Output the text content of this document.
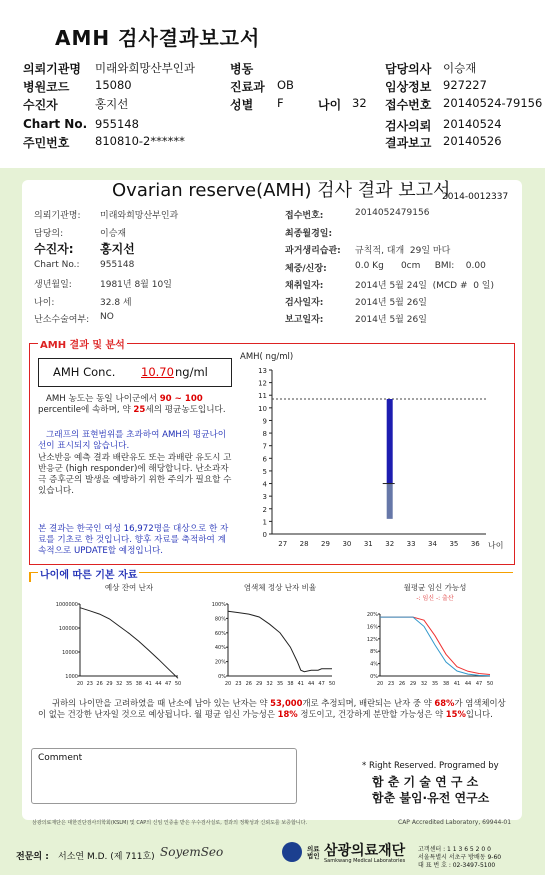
AMH 검사결과보고서
의뢰기관명 미래와희망산부인과	병동	담당의사 이승재
병원코드 15080	진료과 OB	임상정보 927227
수진자	홍지선	성별 F	나이 32 접수번호 20140524-79156
Chart No. 955148	검사의뢰 20140524
주민번호 810810-2******	결과보고 20140526
Ovarian reserve(AMH) 검사 결과 보고서
2014-0012337
의뢰기관명: 미래와희망산부인과
담당의:	이승재
수진자: 홍지선
Chart No.: 955148
생년월일:	1981년 8월 10일
나이:	32.8 세
난소수술여부: NO
접수번호:	2014052479156
최종월경일:
과거생리습관: 규칙적, 대개  29일 마다
체중/신장:	0.0 Kg      0cm     BMI:    0.00
채취일자:	2014년 5월 24일  (MCD #  0 일)
검사일자:	2014년 5월 26일
보고일자:	2014년 5월 26일
AMH 결과 및 분석
AMH Conc. 10.70 ng/ml
AMH 농도는 동일 나이군에서 90 ~ 100 percentile에 속하며, 약 25세의 평균농도입니다.
그래프의 표현범위를 초과하여 AMH의 평균나이선이 표시되지 않습니다.
난소반응 예측 결과 배란유도 또는 과배란 유도시 고반응군 (high responder)에 해당합니다. 난소과자극 증후군의 발생을 예방하기 위한 주의가 필요할 수 있습니다.
본 결과는 한국인 여성 16,972명을 대상으로 한 자료를 기초로 한 것입니다. 향후 자료를 축적하여 계속적으로 UPDATE할 예정입니다.
AMH( ng/ml)
0
1
2
3
4
5
6
7
8
9
10
11
12
13
27 28 29 30 31 32 33 34 35 36 나이
나이에 따른 기본 자료
예상 잔여 난자
1000000
100000
10000
1000
20 23 26 29 32 35 38 41 44 47 50
염색체 정상 난자 비율
100%
80%
60%
40%
20%
0%
20 23 26 29 32 35 38 41 44 47 50
월평균 임신 가능성
20%
16%
12%
8%
4%
0%
20 23 26 29 32 35 38 41 44 47 50
-: 임신 -: 출산
귀하의 나이만을 고려하였을 때 난소에 남아 있는 난자는 약 53,000개로 추정되며, 배란되는 난자 중 약 68%가 염색체이상이 없는 건강한 난자일 것으로 예상됩니다. 월 평균 임신 가능성은 18% 정도이고, 건강하게 분만할 가능성은 약 15%입니다.
Comment
* Right Reserved. Programed by
함 춘 기 술 연 구 소
함춘 불임·유전 연구소
삼광의료재단은 대한진단검사의학회(KSLM) 및 CAP의 신임 인증을 받은 우수검사실로, 결과의 정확성과 신뢰도를 보증합니다.	CAP Accredited Laboratory, 69944-01
전문의 : 서소연 M.D. (제 711호) SoyemSeo	의료법인 삼광의료재단
Samkwang Medical Laboratories
고객센터 : 1 1 3 6 5 2 0 0
서울특별시 서초구 방배동 9-60
대 표 번 호 : 02-3497-5100
